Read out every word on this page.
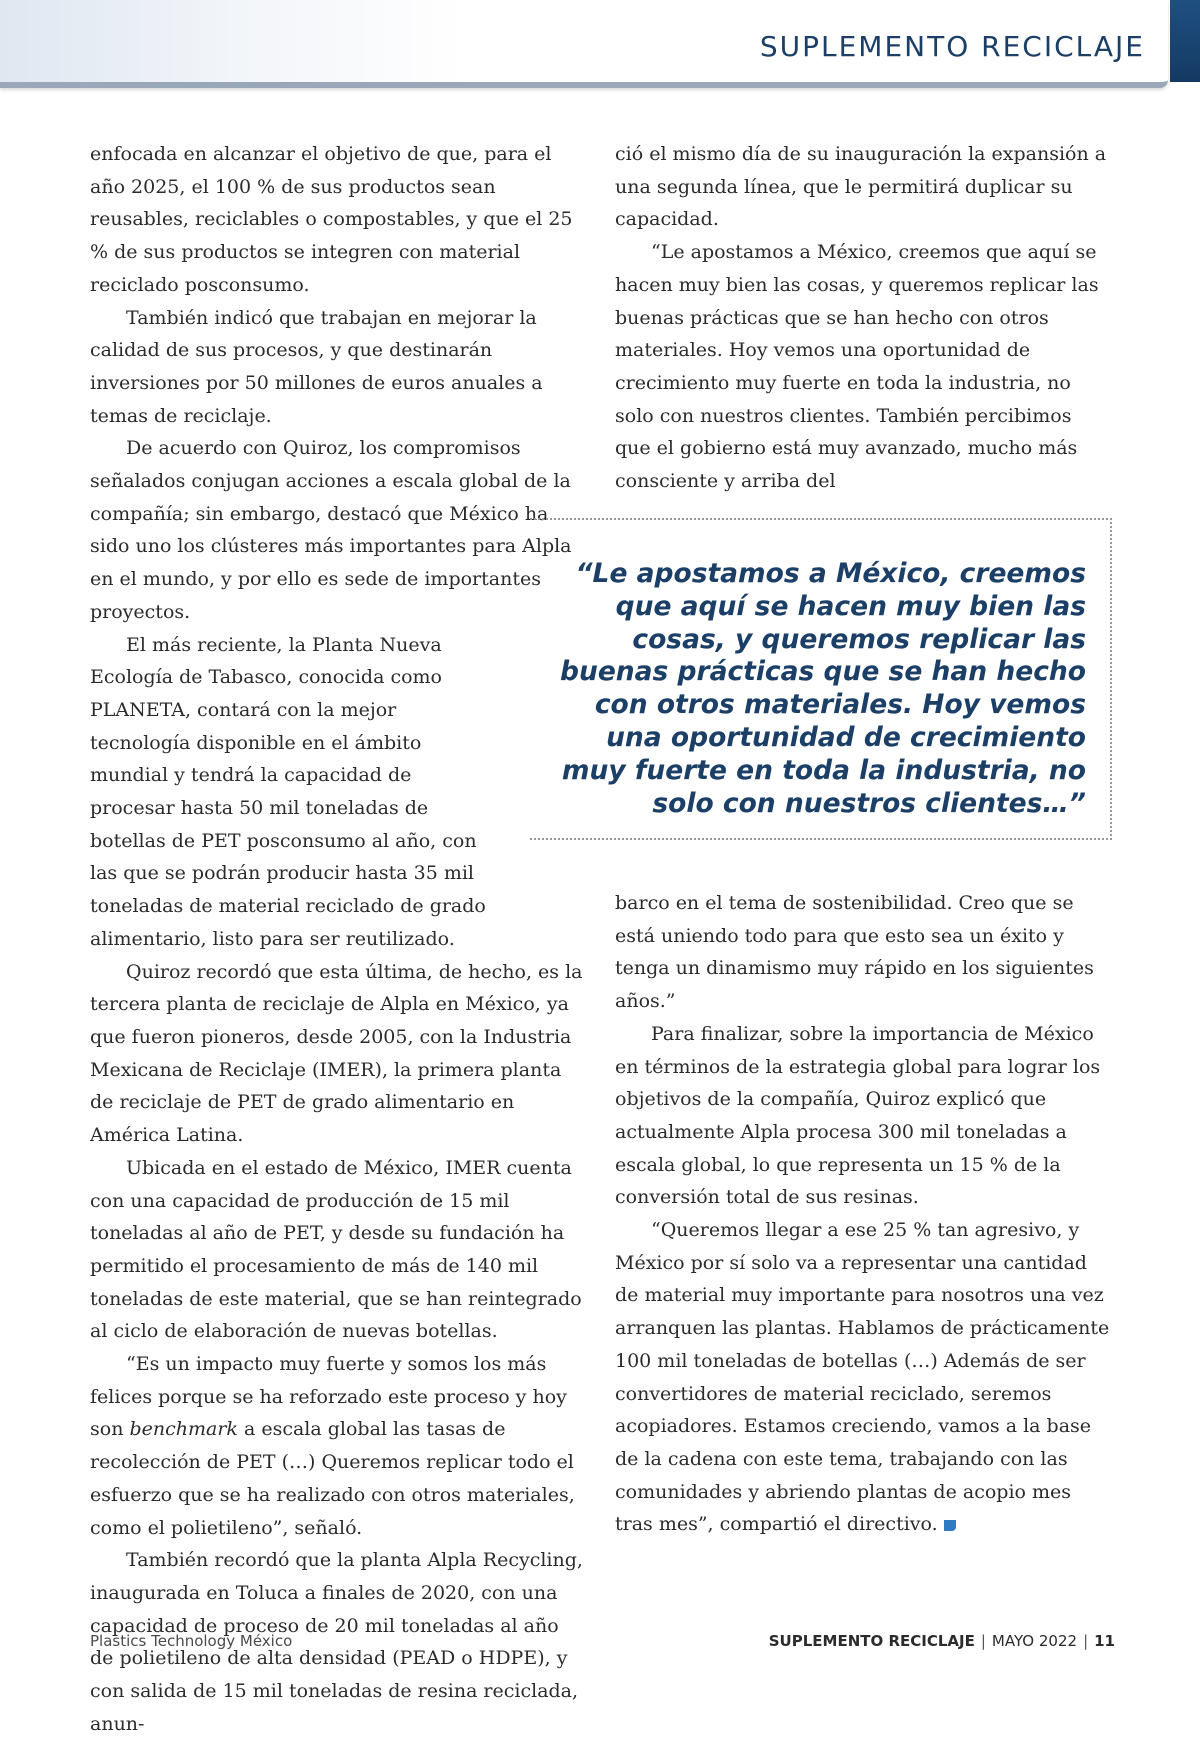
SUPLEMENTO RECICLAJE

enfocada en alcanzar el objetivo de que, para el año 2025, el 100 % de sus productos sean reusables, reciclables o compostables, y que el 25 % de sus productos se integren con material reciclado posconsumo.

También indicó que trabajan en mejorar la calidad de sus procesos, y que destinarán inversiones por 50 millones de euros anuales a temas de reciclaje.

De acuerdo con Quiroz, los compromisos señalados conjugan acciones a escala global de la compañía; sin embargo, destacó que México ha sido uno los clústeres más importantes para Alpla en el mundo, y por ello es sede de importantes proyectos.

El más reciente, la Planta Nueva Ecología de Tabasco, conocida como PLANETA, contará con la mejor tecnología disponible en el ámbito mundial y tendrá la capacidad de procesar hasta 50 mil toneladas de botellas de PET posconsumo al año, con las que se podrán producir hasta 35 mil toneladas de material reciclado de grado alimentario, listo para ser reutilizado.

Quiroz recordó que esta última, de hecho, es la tercera planta de reciclaje de Alpla en México, ya que fueron pioneros, desde 2005, con la Industria Mexicana de Reciclaje (IMER), la primera planta de reciclaje de PET de grado alimentario en América Latina.

Ubicada en el estado de México, IMER cuenta con una capacidad de producción de 15 mil toneladas al año de PET, y desde su fundación ha permitido el procesamiento de más de 140 mil toneladas de este material, que se han reintegrado al ciclo de elaboración de nuevas botellas.

“Es un impacto muy fuerte y somos los más felices porque se ha reforzado este proceso y hoy son benchmark a escala global las tasas de recolección de PET (…) Queremos replicar todo el esfuerzo que se ha realizado con otros materiales, como el polietileno”, señaló.

También recordó que la planta Alpla Recycling, inaugurada en Toluca a finales de 2020, con una capacidad de proceso de 20 mil toneladas al año de polietileno de alta densidad (PEAD o HDPE), y con salida de 15 mil toneladas de resina reciclada, anun-

ció el mismo día de su inauguración la expansión a una segunda línea, que le permitirá duplicar su capacidad.

“Le apostamos a México, creemos que aquí se hacen muy bien las cosas, y queremos replicar las buenas prácticas que se han hecho con otros materiales. Hoy vemos una oportunidad de crecimiento muy fuerte en toda la industria, no solo con nuestros clientes. También percibimos que el gobierno está muy avanzado, mucho más consciente y arriba del

“Le apostamos a México, creemos que aquí se hacen muy bien las cosas, y queremos replicar las buenas prácticas que se han hecho con otros materiales. Hoy vemos una oportunidad de crecimiento muy fuerte en toda la industria, no solo con nuestros clientes…”

barco en el tema de sostenibilidad. Creo que se está uniendo todo para que esto sea un éxito y tenga un dinamismo muy rápido en los siguientes años.”

Para finalizar, sobre la importancia de México en términos de la estrategia global para lograr los objetivos de la compañía, Quiroz explicó que actualmente Alpla procesa 300 mil toneladas a escala global, lo que representa un 15 % de la conversión total de sus resinas.

“Queremos llegar a ese 25 % tan agresivo, y México por sí solo va a representar una cantidad de material muy importante para nosotros una vez arranquen las plantas. Hablamos de prácticamente 100 mil toneladas de botellas (…) Además de ser convertidores de material reciclado, seremos acopiadores. Estamos creciendo, vamos a la base de la cadena con este tema, trabajando con las comunidades y abriendo plantas de acopio mes tras mes”, compartió el directivo.

Plastics Technology México	SUPLEMENTO RECICLAJE | MAYO 2022 | 11
